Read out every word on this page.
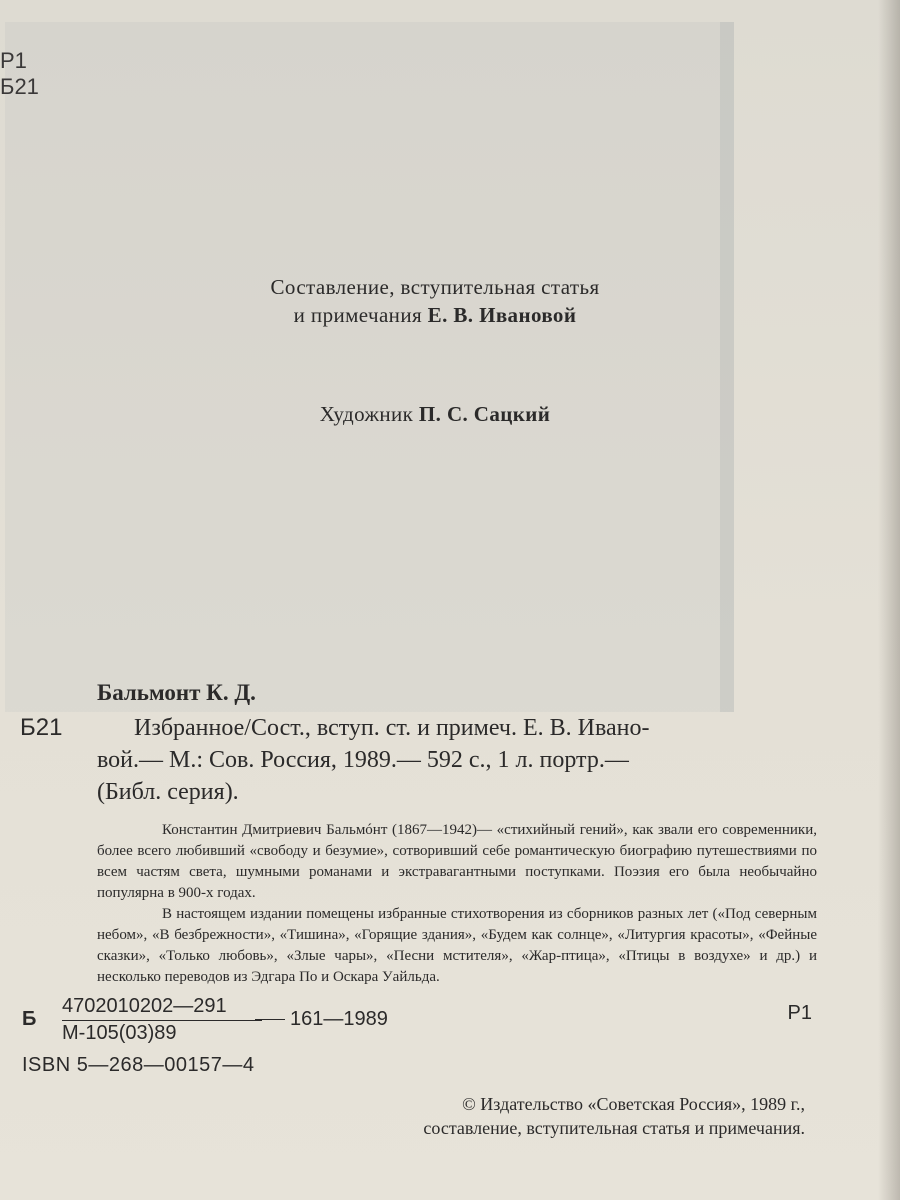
Р1
Б21
Составление, вступительная статья
и примечания Е. В. Ивановой
Художник П. С. Сацкий
Бальмонт К. Д.
Б21	Избранное/Сост., вступ. ст. и примеч. Е. В. Ивано-
вой.— М.: Сов. Россия, 1989.— 592 с., 1 л. портр.—
(Библ. серия).

Константин Дмитриевич Бальмóнт (1867—1942)— «стихийный гений», как звали его современники, более всего любивший «свободу и безумие», сотворивший себе романтическую биографию путешествиями по всем частям света, шумными романами и экстравагантными поступками. Поэзия его была необычайно популярна в 900-х годах.

В настоящем издании помещены избранные стихотворения из сборников разных лет («Под северным небом», «В безбрежности», «Тишина», «Горящие здания», «Будем как солнце», «Литургия красоты», «Фейные сказки», «Только любовь», «Злые чары», «Песни мстителя», «Жар-птица», «Птицы в воздухе» и др.) и несколько переводов из Эдгара По и Оскара Уайльда.

Б
4702010202—291
М-105(03)89
161—1989	Р1
ISBN 5—268—00157—4
© Издательство «Советская Россия», 1989 г.,
составление, вступительная статья и примечания.
